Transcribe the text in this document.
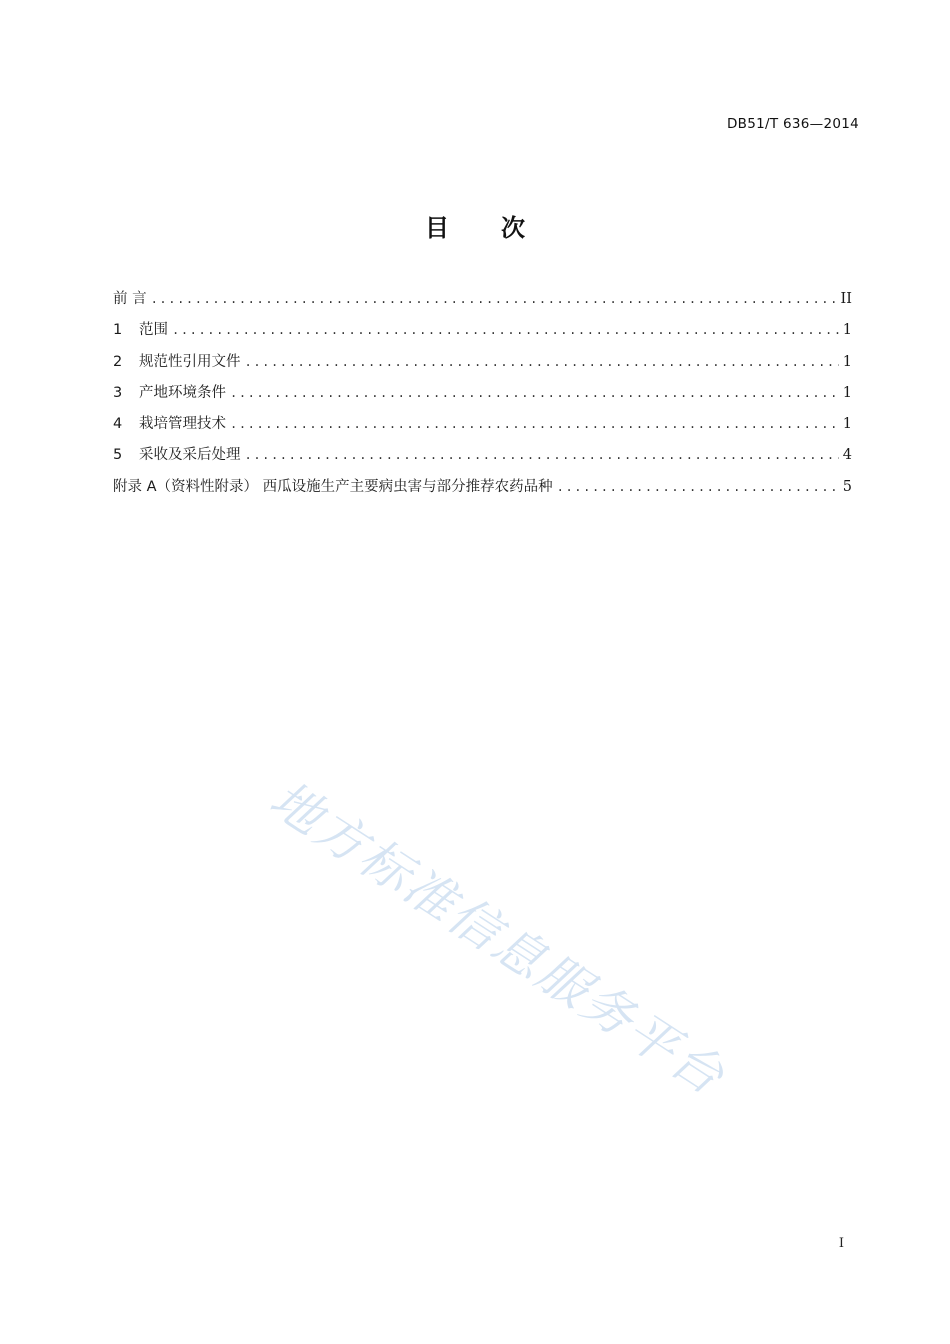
DB51/T 636—2014
目 次
前 言 .....	II
1	范围 .....	1
2	规范性引用文件 .....	1
3	产地环境条件 .....	1
4	栽培管理技术 .....	1
5	采收及采后处理 .....	4
附录 A（资料性附录） 西瓜设施生产主要病虫害与部分推荐农药品种 .....	5
地方标准信息服务平台
I
